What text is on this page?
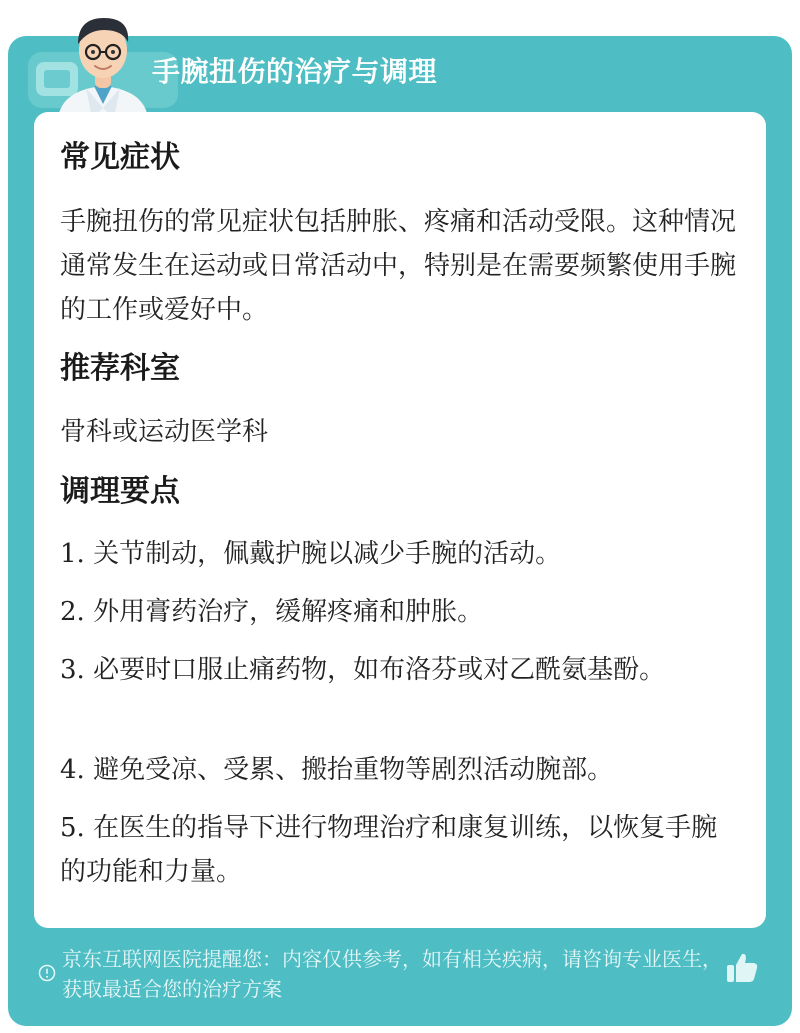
手腕扭伤的治疗与调理
常见症状
手腕扭伤的常见症状包括肿胀、疼痛和活动受限。这种情况通常发生在运动或日常活动中，特别是在需要频繁使用手腕的工作或爱好中。
推荐科室
骨科或运动医学科
调理要点
1. 关节制动，佩戴护腕以减少手腕的活动。
2. 外用膏药治疗，缓解疼痛和肿胀。
3. 必要时口服止痛药物，如布洛芬或对乙酰氨基酚。
4. 避免受凉、受累、搬抬重物等剧烈活动腕部。
5. 在医生的指导下进行物理治疗和康复训练，以恢复手腕的功能和力量。
京东互联网医院提醒您：内容仅供参考，如有相关疾病，请咨询专业医生，获取最适合您的治疗方案
